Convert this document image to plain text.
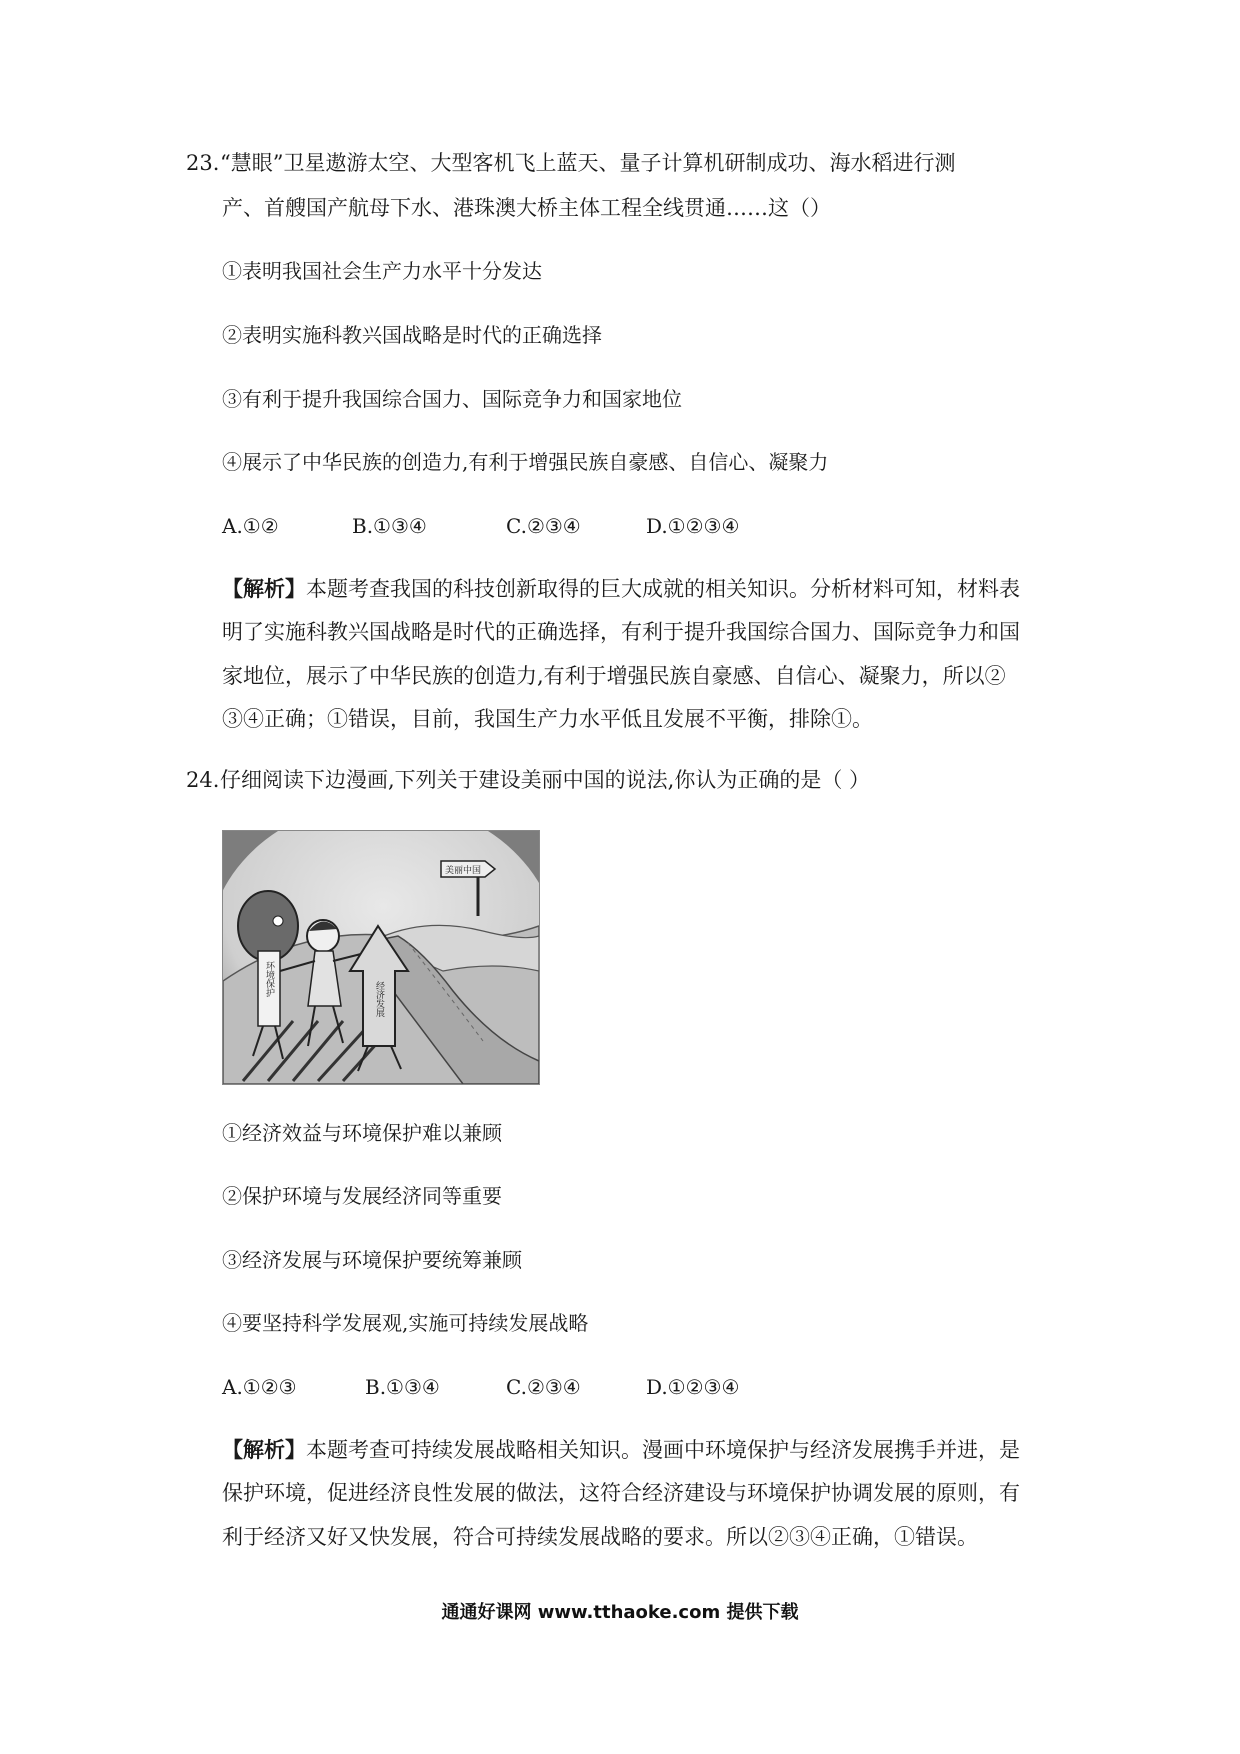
23.“慧眼”卫星遨游太空、大型客机飞上蓝天、量子计算机研制成功、海水稻进行测
产、首艘国产航母下水、港珠澳大桥主体工程全线贯通……这（）
①表明我国社会生产力水平十分发达
②表明实施科教兴国战略是时代的正确选择
③有利于提升我国综合国力、国际竞争力和国家地位
④展示了中华民族的创造力,有利于增强民族自豪感、自信心、凝聚力
A.①②	B.①③④	C.②③④	D.①②③④
【解析】本题考查我国的科技创新取得的巨大成就的相关知识。分析材料可知，材料表
明了实施科教兴国战略是时代的正确选择，有利于提升我国综合国力、国际竞争力和国
家地位，展示了中华民族的创造力,有利于增强民族自豪感、自信心、凝聚力，所以②
③④正确；①错误，目前，我国生产力水平低且发展不平衡，排除①。
24.仔细阅读下边漫画,下列关于建设美丽中国的说法,你认为正确的是（ ）
美丽中国
环境保护
经济发展
①经济效益与环境保护难以兼顾
②保护环境与发展经济同等重要
③经济发展与环境保护要统筹兼顾
④要坚持科学发展观,实施可持续发展战略
A.①②③	B.①③④	C.②③④	D.①②③④
【解析】本题考查可持续发展战略相关知识。漫画中环境保护与经济发展携手并进，是
保护环境，促进经济良性发展的做法，这符合经济建设与环境保护协调发展的原则，有
利于经济又好又快发展，符合可持续发展战略的要求。所以②③④正确，①错误。
通通好课网 www.tthaoke.com 提供下载
